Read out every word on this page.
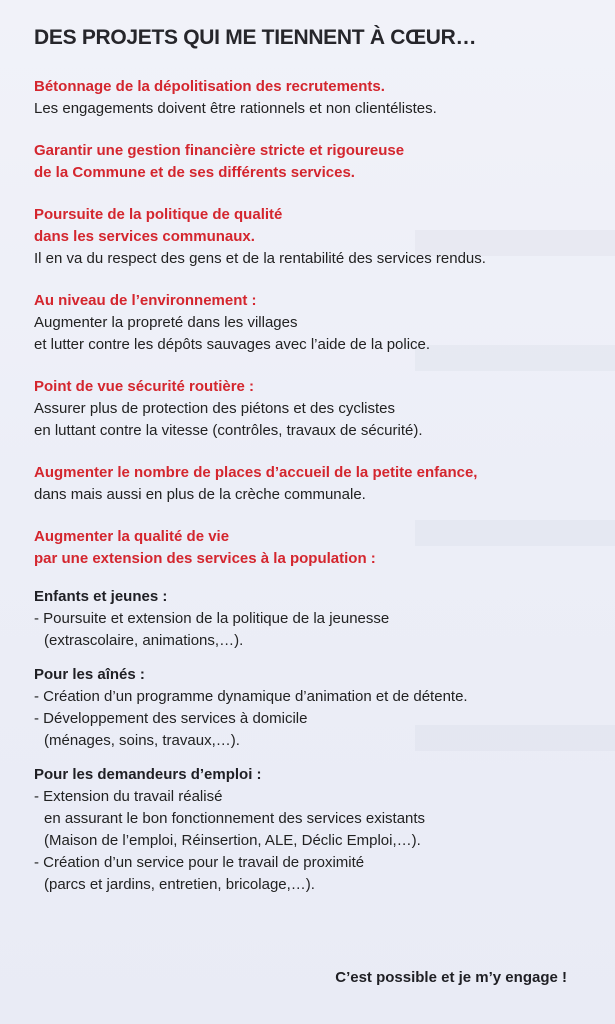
DES PROJETS QUI ME TIENNENT À CŒUR…
Bétonnage de la dépolitisation des recrutements.
Les engagements doivent être rationnels et non clientélistes.
Garantir une gestion financière stricte et rigoureuse
de la Commune et de ses différents services.
Poursuite de la politique de qualité
dans les services communaux.
Il en va du respect des gens et de la rentabilité des services rendus.
Au niveau de l’environnement :
Augmenter la propreté dans les villages
et lutter contre les dépôts sauvages avec l’aide de la police.
Point de vue sécurité routière :
Assurer plus de protection des piétons et des cyclistes
en luttant contre la vitesse (contrôles, travaux de sécurité).
Augmenter le nombre de places d’accueil de la petite enfance,
dans mais aussi en plus de la crèche communale.
Augmenter la qualité de vie
par une extension des services à la population :
Enfants et jeunes :
- Poursuite et extension de la politique de la jeunesse
(extrascolaire, animations,…).
Pour les aînés :
- Création d’un programme dynamique d’animation et de détente.
- Développement des services à domicile
(ménages, soins, travaux,…).
Pour les demandeurs d’emploi :
- Extension du travail réalisé
en assurant le bon fonctionnement des services existants
(Maison de l’emploi, Réinsertion, ALE, Déclic Emploi,…).
- Création d’un service pour le travail de proximité
(parcs et jardins, entretien, bricolage,…).
C’est possible et je m’y engage !
